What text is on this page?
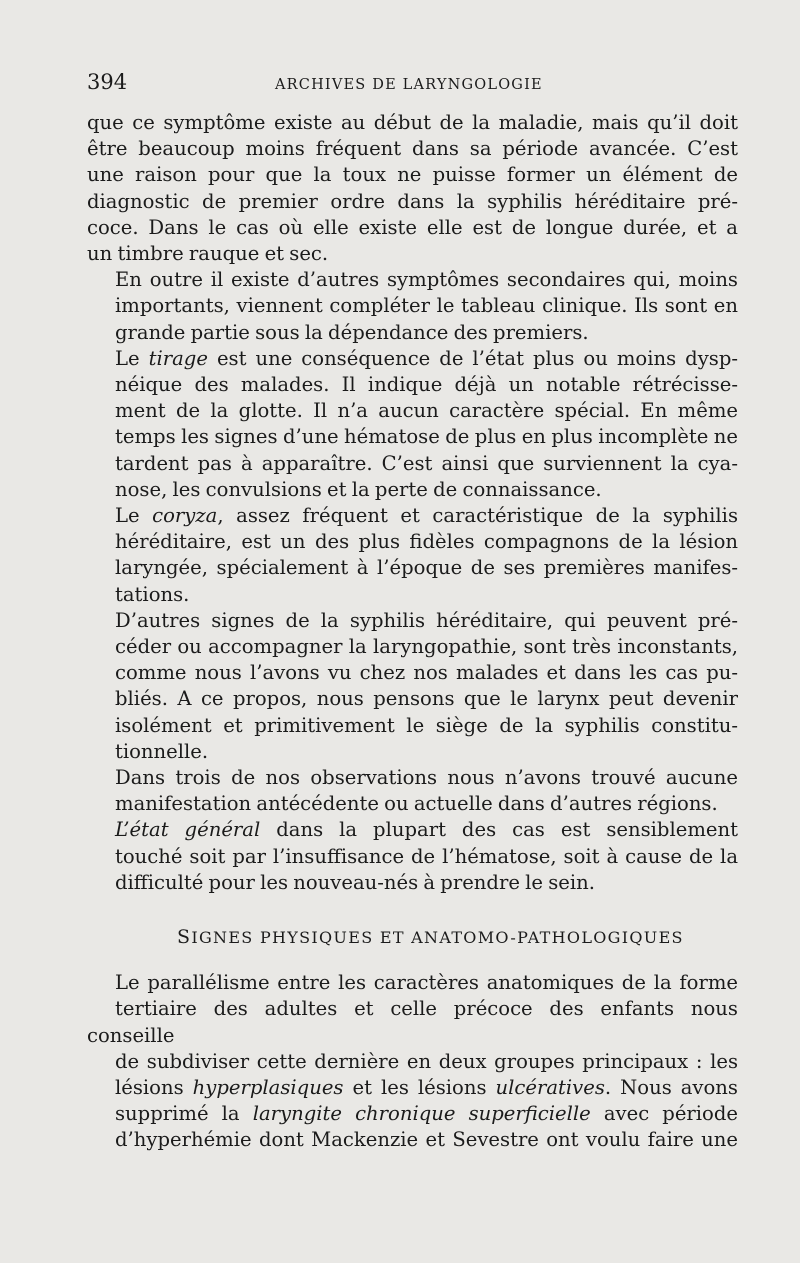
394	ARCHIVES DE LARYNGOLOGIE

que ce symptôme existe au début de la maladie, mais qu’il doit
être beaucoup moins fréquent dans sa période avancée. C’est
une raison pour que la toux ne puisse former un élément de
diagnostic de premier ordre dans la syphilis héréditaire pré-
coce. Dans le cas où elle existe elle est de longue durée, et a
un timbre rauque et sec.

En outre il existe d’autres symptômes secondaires qui, moins
importants, viennent compléter le tableau clinique. Ils sont en
grande partie sous la dépendance des premiers.

Le tirage est une conséquence de l’état plus ou moins dysp-
néique des malades. Il indique déjà un notable rétrécisse-
ment de la glotte. Il n’a aucun caractère spécial. En même
temps les signes d’une hématose de plus en plus incomplète ne
tardent pas à apparaître. C’est ainsi que surviennent la cya-
nose, les convulsions et la perte de connaissance.

Le coryza, assez fréquent et caractéristique de la syphilis
héréditaire, est un des plus fidèles compagnons de la lésion
laryngée, spécialement à l’époque de ses premières manifes-
tations.

D’autres signes de la syphilis héréditaire, qui peuvent pré-
céder ou accompagner la laryngopathie, sont très inconstants,
comme nous l’avons vu chez nos malades et dans les cas pu-
bliés. A ce propos, nous pensons que le larynx peut devenir
isolément et primitivement le siège de la syphilis constitu-
tionnelle.

Dans trois de nos observations nous n’avons trouvé aucune
manifestation antécédente ou actuelle dans d’autres régions.

L’état général dans la plupart des cas est sensiblement
touché soit par l’insuffisance de l’hématose, soit à cause de la
difficulté pour les nouveau-nés à prendre le sein.

SIGNES PHYSIQUES ET ANATOMO-PATHOLOGIQUES

Le parallélisme entre les caractères anatomiques de la forme
tertiaire des adultes et celle précoce des enfants nous conseille
de subdiviser cette dernière en deux groupes principaux : les
lésions hyperplasiques et les lésions ulcératives. Nous avons
supprimé la laryngite chronique superficielle avec période
d’hyperhémie dont Mackenzie et Sevestre ont voulu faire une
